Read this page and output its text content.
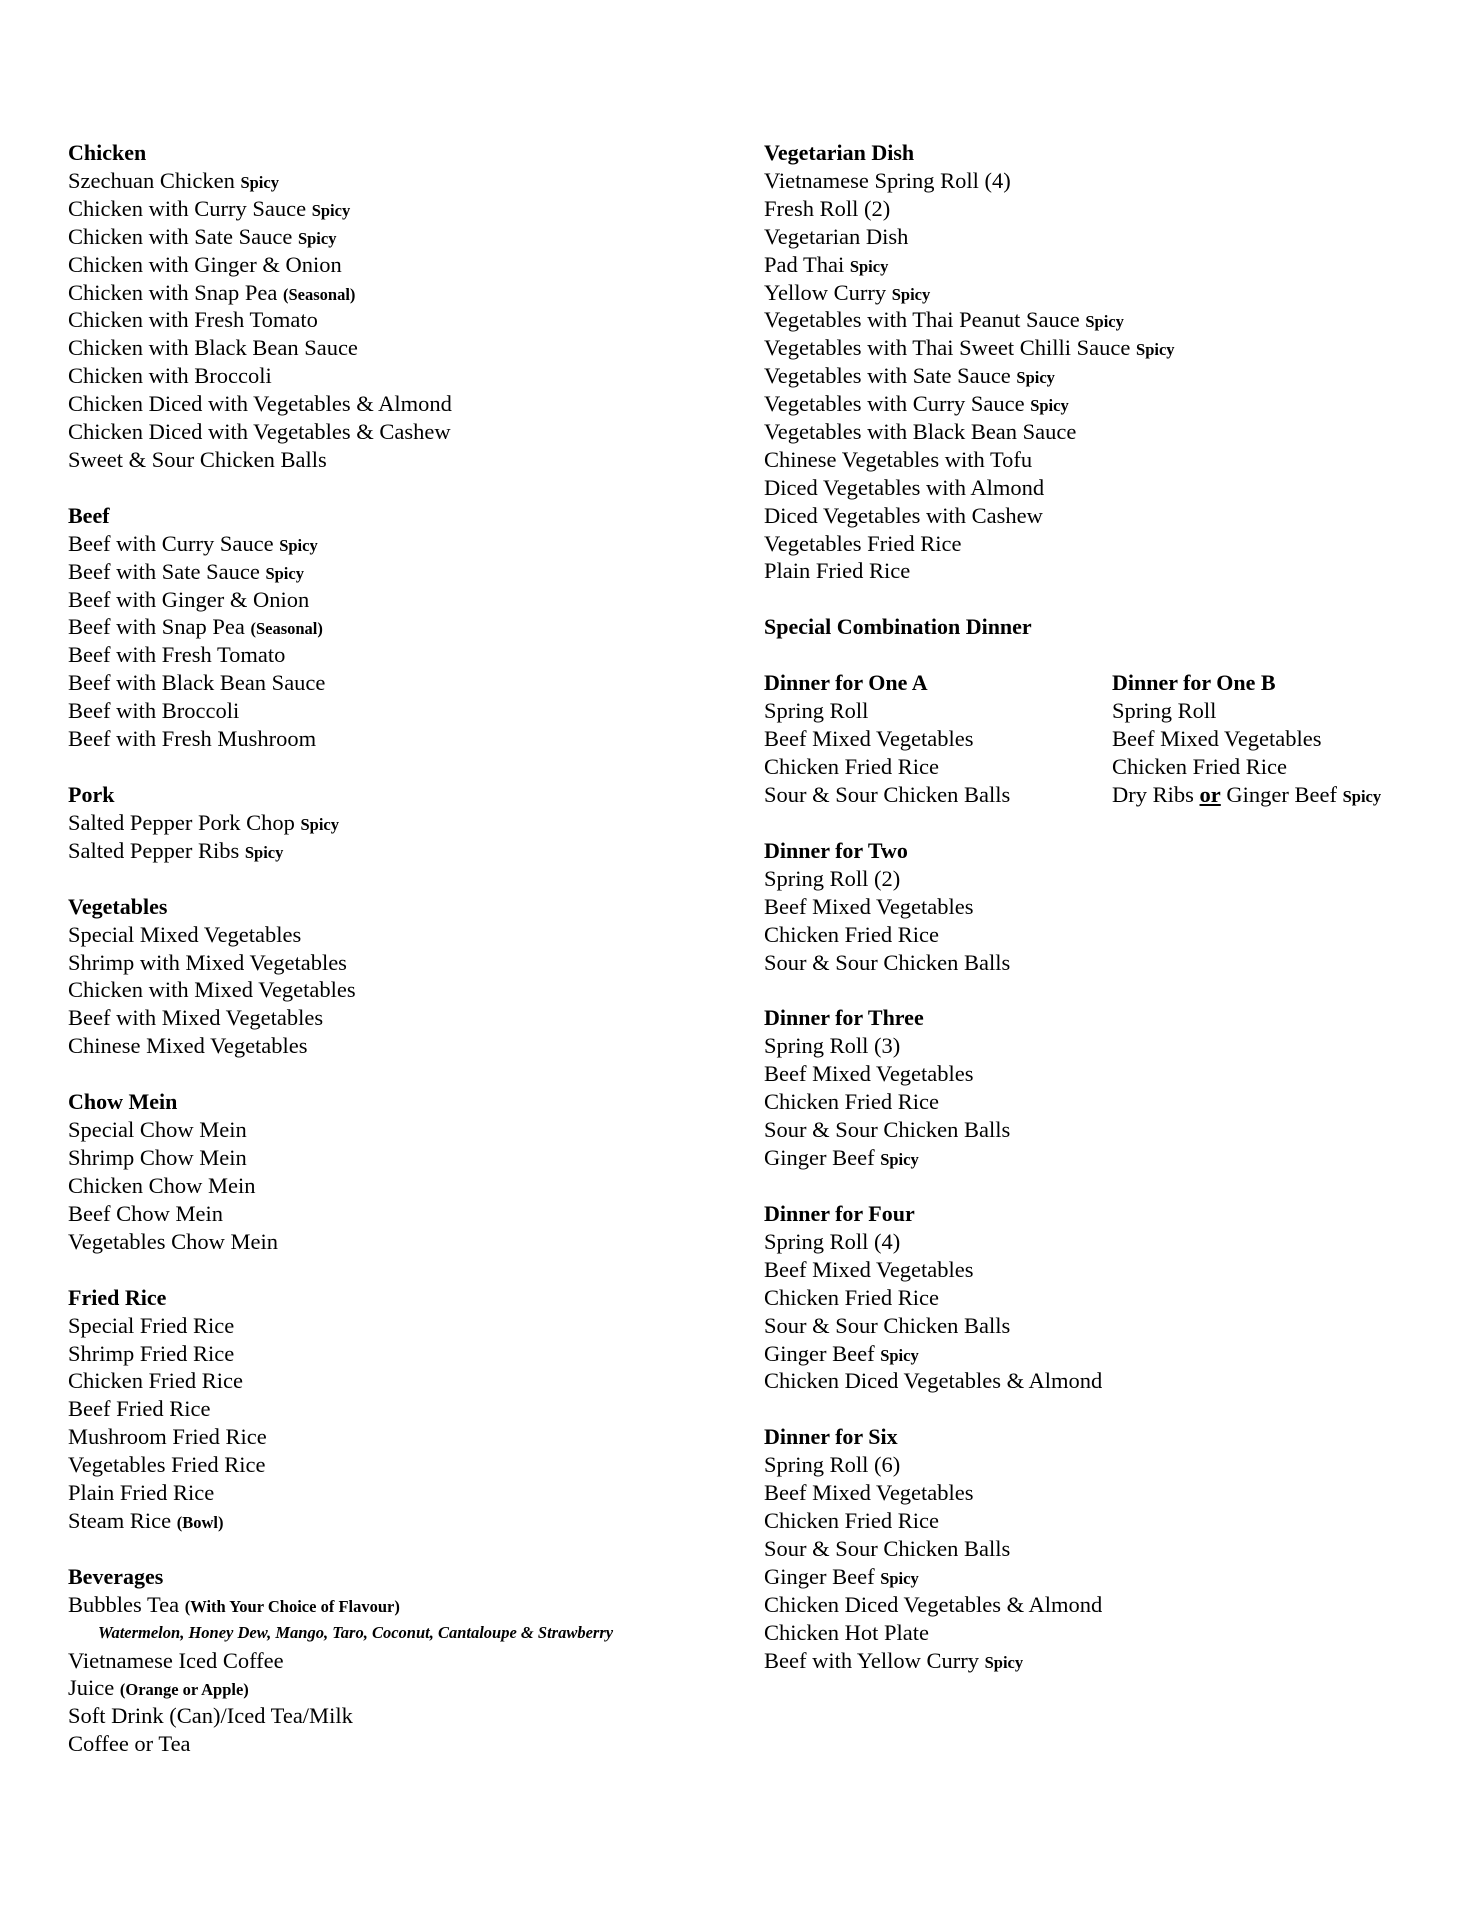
Chicken
Szechuan Chicken Spicy
Chicken with Curry Sauce Spicy
Chicken with Sate Sauce Spicy
Chicken with Ginger & Onion
Chicken with Snap Pea (Seasonal)
Chicken with Fresh Tomato
Chicken with Black Bean Sauce
Chicken with Broccoli
Chicken Diced with Vegetables & Almond
Chicken Diced with Vegetables & Cashew
Sweet & Sour Chicken Balls
Beef
Beef with Curry Sauce Spicy
Beef with Sate Sauce Spicy
Beef with Ginger & Onion
Beef with Snap Pea (Seasonal)
Beef with Fresh Tomato
Beef with Black Bean Sauce
Beef with Broccoli
Beef with Fresh Mushroom
Pork
Salted Pepper Pork Chop Spicy
Salted Pepper Ribs Spicy
Vegetables
Special Mixed Vegetables
Shrimp with Mixed Vegetables
Chicken with Mixed Vegetables
Beef with Mixed Vegetables
Chinese Mixed Vegetables
Chow Mein
Special Chow Mein
Shrimp Chow Mein
Chicken Chow Mein
Beef Chow Mein
Vegetables Chow Mein
Fried Rice
Special Fried Rice
Shrimp Fried Rice
Chicken Fried Rice
Beef Fried Rice
Mushroom Fried Rice
Vegetables Fried Rice
Plain Fried Rice
Steam Rice (Bowl)
Beverages
Bubbles Tea (With Your Choice of Flavour)
Watermelon, Honey Dew, Mango, Taro, Coconut, Cantaloupe & Strawberry
Vietnamese Iced Coffee
Juice (Orange or Apple)
Soft Drink (Can)/Iced Tea/Milk
Coffee or Tea
Vegetarian Dish
Vietnamese Spring Roll (4)
Fresh Roll (2)
Vegetarian Dish
Pad Thai Spicy
Yellow Curry Spicy
Vegetables with Thai Peanut Sauce Spicy
Vegetables with Thai Sweet Chilli Sauce Spicy
Vegetables with Sate Sauce Spicy
Vegetables with Curry Sauce Spicy
Vegetables with Black Bean Sauce
Chinese Vegetables with Tofu
Diced Vegetables with Almond
Diced Vegetables with Cashew
Vegetables Fried Rice
Plain Fried Rice
Special Combination Dinner
Dinner for One A
Spring Roll
Beef Mixed Vegetables
Chicken Fried Rice
Sour & Sour Chicken Balls
Dinner for One B
Spring Roll
Beef Mixed Vegetables
Chicken Fried Rice
Dry Ribs or Ginger Beef Spicy
Dinner for Two
Spring Roll (2)
Beef Mixed Vegetables
Chicken Fried Rice
Sour & Sour Chicken Balls
Dinner for Three
Spring Roll (3)
Beef Mixed Vegetables
Chicken Fried Rice
Sour & Sour Chicken Balls
Ginger Beef Spicy
Dinner for Four
Spring Roll (4)
Beef Mixed Vegetables
Chicken Fried Rice
Sour & Sour Chicken Balls
Ginger Beef Spicy
Chicken Diced Vegetables & Almond
Dinner for Six
Spring Roll (6)
Beef Mixed Vegetables
Chicken Fried Rice
Sour & Sour Chicken Balls
Ginger Beef Spicy
Chicken Diced Vegetables & Almond
Chicken Hot Plate
Beef with Yellow Curry Spicy
